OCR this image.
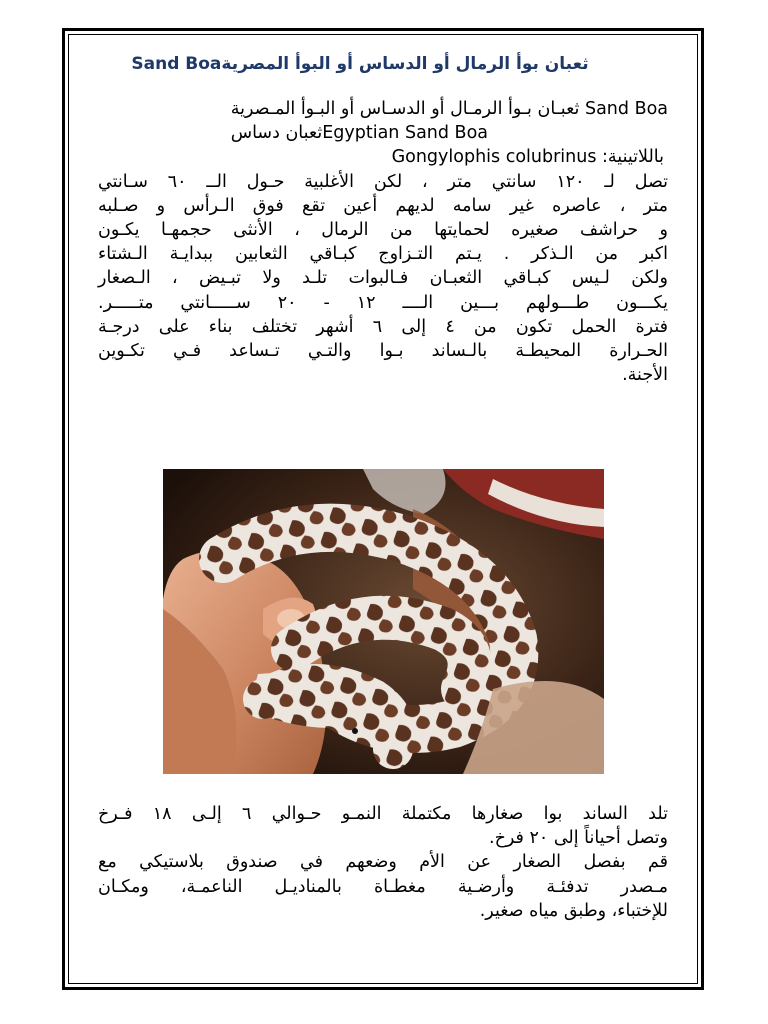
ثعبان بوأ الرمال أو الدساس أو البوأ المصريةSand Boa
Sand Boa ثعبـان بـوأ الرمـال أو الدسـاس أو البـوأ المـصرية
Egyptian Sand Boaثعبان دساس
باللاتينية: Gongylophis colubrinus
تصل لـ ١٢٠ سانتي متر ، لكن الأغلبية حـول الــ ٦٠ سـانتي
متر ، عاصره غير سامه لديهم أعين تقع فوق الـرأس و صـلبه
و حراشف صغيره لحمايتها من الرمال ، الأنثى حجمهـا يكـون
اكبر من الـذكر . يـتم التـزاوج كبـاقي الثعابين ببدايـة الـشتاء
ولكن لـيس كبـاقي الثعبـان فـالبوات تلـد ولا تبـيض ، الـصغار
يكـــون طـــولهم بـــين الــــ ١٢ - ٢٠ ســـــانتي متـــــر.
فترة الحمل تكون من ٤ إلى ٦ أشهر تختلف بناء على درجـة
الحـرارة المحيطـة بالـساند بـوا والتـي تـساعد فـي تكـوين
الأجنة.
تلد الساند بوا صغارها مكتملة النمـو حـوالي ٦ إلـى ١٨ فـرخ
وتصل أحياناً إلى ٢٠ فرخ.
قم بفصل الصغار عن الأم وضعهم في صندوق بلاستيكي مع
مـصدر تدفئـة وأرضـية مغطـاة بالمناديـل الناعمـة، ومكـان
للإختباء، وطبق مياه صغير.
